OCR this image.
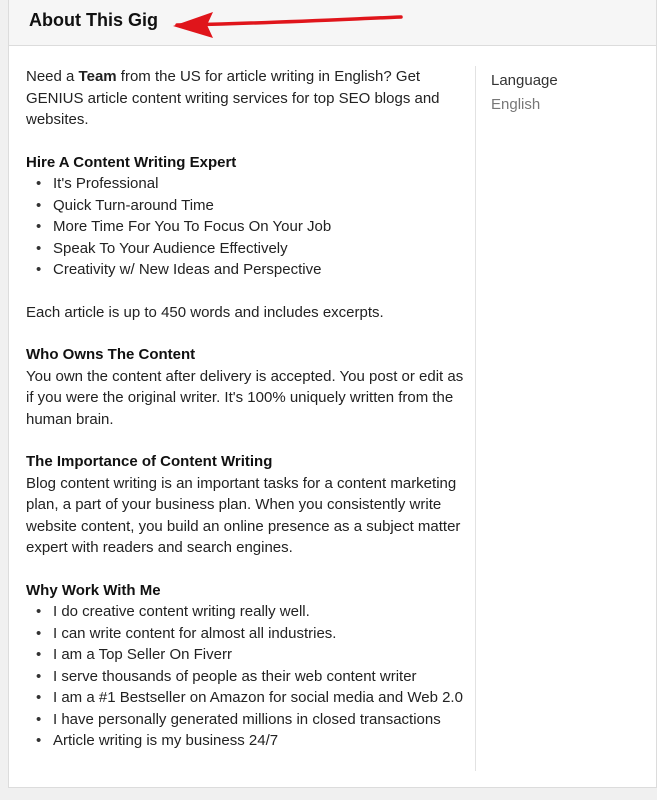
About This Gig

Need a Team from the US for article writing in English? Get GENIUS article content writing services for top SEO blogs and websites.

Hire A Content Writing Expert

• It's Professional
• Quick Turn-around Time
• More Time For You To Focus On Your Job
• Speak To Your Audience Effectively
• Creativity w/ New Ideas and Perspective

Each article is up to 450 words and includes excerpts.

Who Owns The Content

You own the content after delivery is accepted. You post or edit as if you were the original writer. It's 100% uniquely written from the human brain.

The Importance of Content Writing

Blog content writing is an important tasks for a content marketing plan, a part of your business plan. When you consistently write website content, you build an online presence as a subject matter expert with readers and search engines.

Why Work With Me

• I do creative content writing really well.
• I can write content for almost all industries.
• I am a Top Seller On Fiverr
• I serve thousands of people as their web content writer
• I am a #1 Bestseller on Amazon for social media and Web 2.0
• I have personally generated millions in closed transactions
• Article writing is my business 24/7
Language
English
